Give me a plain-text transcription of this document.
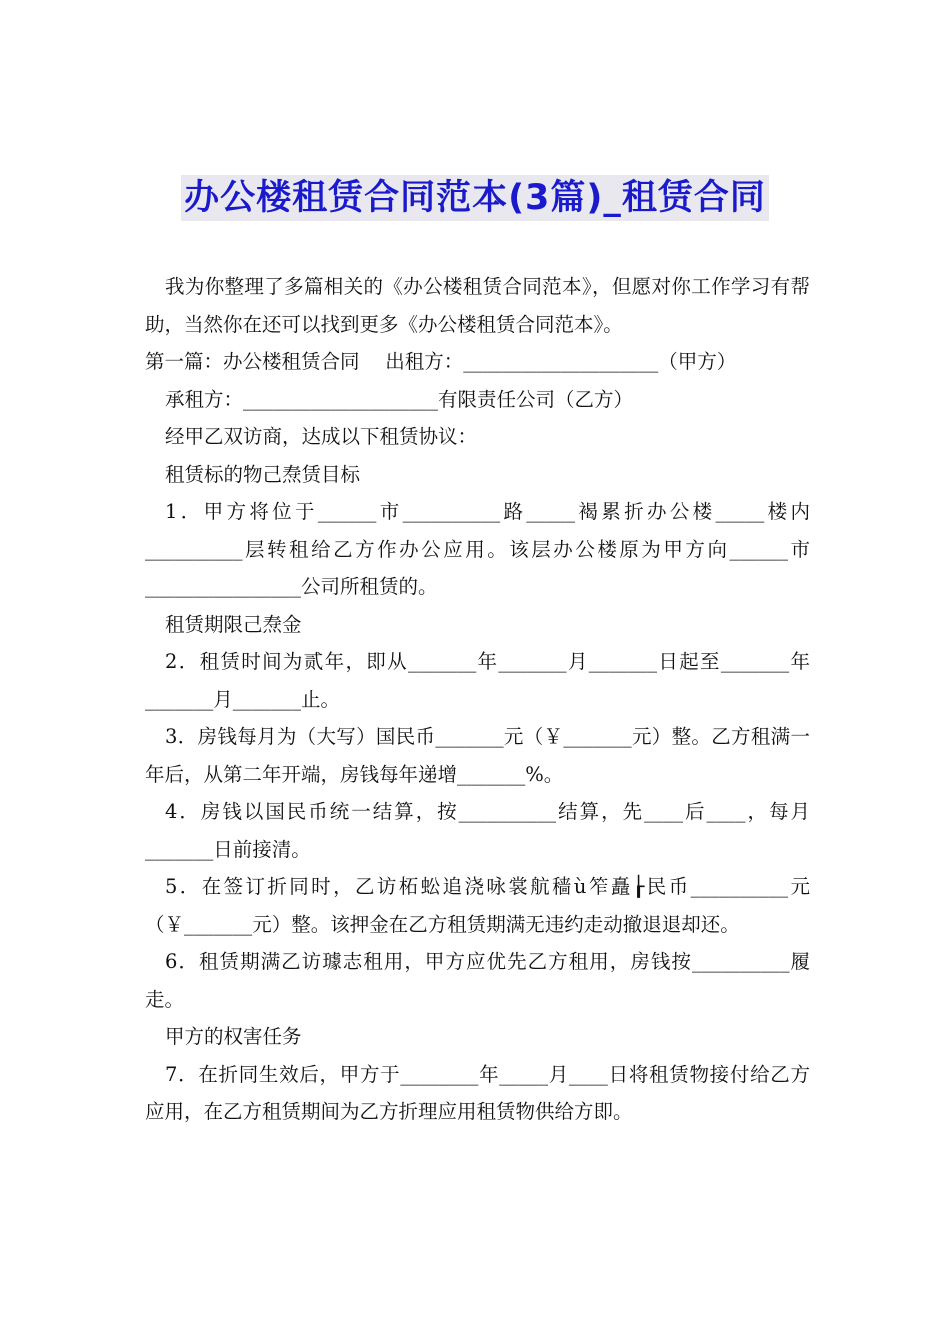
办公楼租赁合同范本(3篇)_租赁合同

我为你整理了多篇相关的《办公楼租赁合同范本》，但愿对你工作学习有帮助，当然你在还可以找到更多《办公楼租赁合同范本》。

第一篇：办公楼租赁合同　 出租方：____________________（甲方）

承租方：____________________有限责任公司（乙方）

经甲乙双访商，达成以下租赁协议：

租赁标的物己焘赁目标

1．甲方将位于______市__________路_____褐累折办公楼_____楼内__________层转租给乙方作办公应用。该层办公楼原为甲方向______市________________公司所租赁的。

租赁期限己焘金

2．租赁时间为贰年，即从_______年_______月_______日起至_______年_______月_______止。

3．房钱每月为（大写）国民币_______元（￥_______元）整。乙方租满一年后，从第二年开端，房钱每年递增_______%。

4．房钱以国民币统一结算，按__________结算，先____后____，每月_______日前接清。

5．在签订折同时，乙访柘蚣追浇咏裳航穑ù笮矗┟民币__________元（￥_______元）整。该押金在乙方租赁期满无违约走动撤退退却还。

6．租赁期满乙访璩志租用，甲方应优先乙方租用，房钱按__________履走。

甲方的权害任务

7．在折同生效后，甲方于________年_____月____日将租赁物接付给乙方应用，在乙方租赁期间为乙方折理应用租赁物供给方即。
